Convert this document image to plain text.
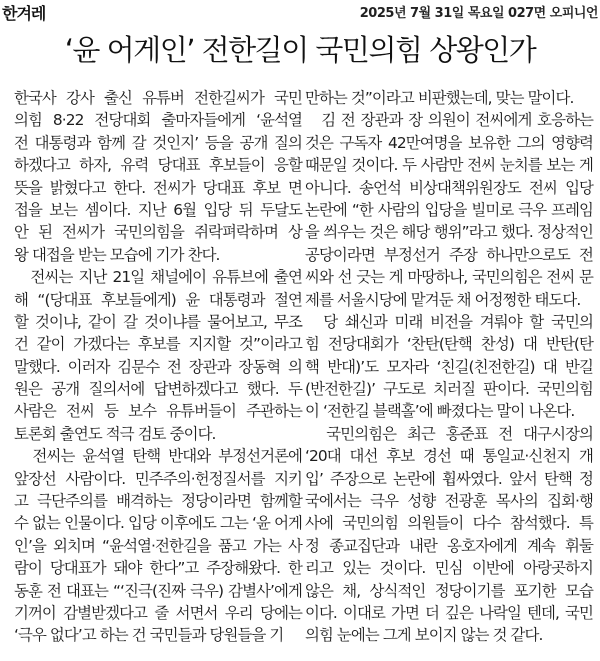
한겨레	2025년 7월 31일 목요일 027면 오피니언
‘윤 어게인’ 전한길이 국민의힘 상왕인가
한국사 강사 출신 유튜버 전한길씨가 국민
의힘 8·22 전당대회 출마자들에게 ‘윤석열
전 대통령과 함께 갈 것인지’ 등을 공개 질의
하겠다고 하자, 유력 당대표 후보들이 응할
뜻을 밝혔다고 한다. 전씨가 당대표 후보 면
접을 보는 셈이다. 지난 6월 입당 뒤 두달도
안 된 전씨가 국민의힘을 쥐락펴락하며 상
왕 대접을 받는 모습에 기가 찬다.
　전씨는 지난 21일 채널에이 유튜브에 출연
해 “(당대표 후보들에게) 윤 대통령과 절연
할 것이냐, 같이 갈 것이냐를 물어보고, 무조
건 같이 가겠다는 후보를 지지할 것”이라고
말했다. 이러자 김문수 전 장관과 장동혁 의
원은 공개 질의서에 답변하겠다고 했다. 두
사람은 전씨 등 보수 유튜버들이 주관하는
토론회 출연도 적극 검토 중이다.
　전씨는 윤석열 탄핵 반대와 부정선거론에
앞장선 사람이다. 민주주의·헌정질서를 지키
고 극단주의를 배격하는 정당이라면 함께할
수 없는 인물이다. 입당 이후에도 그는 ‘윤 어게
인’을 외치며 “윤석열·전한길을 품고 가는 사
람이 당대표가 돼야 한다”고 주장해왔다. 한
동훈 전 대표는 “‘진극(진짜 극우) 감별사’에게
기꺼이 감별받겠다고 줄 서면서 우리 당에는
‘극우 없다’고 하는 건 국민들과 당원들을 기
만하는 것”이라고 비판했는데, 맞는 말이다.
　김 전 장관과 장 의원이 전씨에게 호응하는
것은 구독자 42만여명을 보유한 그의 영향력
때문일 것이다. 두 사람만 전씨 눈치를 보는 게
아니다. 송언석 비상대책위원장도 전씨 입당
논란에 “한 사람의 입당을 빌미로 극우 프레임
을 씌우는 것은 해당 행위”라고 했다. 정상적인
공당이라면 부정선거 주장 하나만으로도 전
씨와 선 긋는 게 마땅하나, 국민의힘은 전씨 문
제를 서울시당에 맡겨둔 채 어정쩡한 태도다.
　당 쇄신과 미래 비전을 겨뤄야 할 국민의
힘 전당대회가 ‘찬탄(탄핵 찬성) 대 반탄(탄
핵 반대)’도 모자라 ‘친길(친전한길) 대 반길
(반전한길)’ 구도로 치러질 판이다. 국민의힘
이 ‘전한길 블랙홀’에 빠졌다는 말이 나온다.
　국민의힘은 최근 홍준표 전 대구시장의
‘20대 대선 후보 경선 때 통일교·신천지 개
입’ 주장으로 논란에 휩싸였다. 앞서 탄핵 정
국에서는 극우 성향 전광훈 목사의 집회·행
사에 국민의힘 의원들이 다수 참석했다. 특
정 종교집단과 내란 옹호자에게 계속 휘둘
리고 있는 것이다. 민심 이반에 아랑곳하지
않은 채, 상식적인 정당이기를 포기한 모습
이다. 이대로 가면 더 깊은 나락일 텐데, 국민
의힘 눈에는 그게 보이지 않는 것 같다.
